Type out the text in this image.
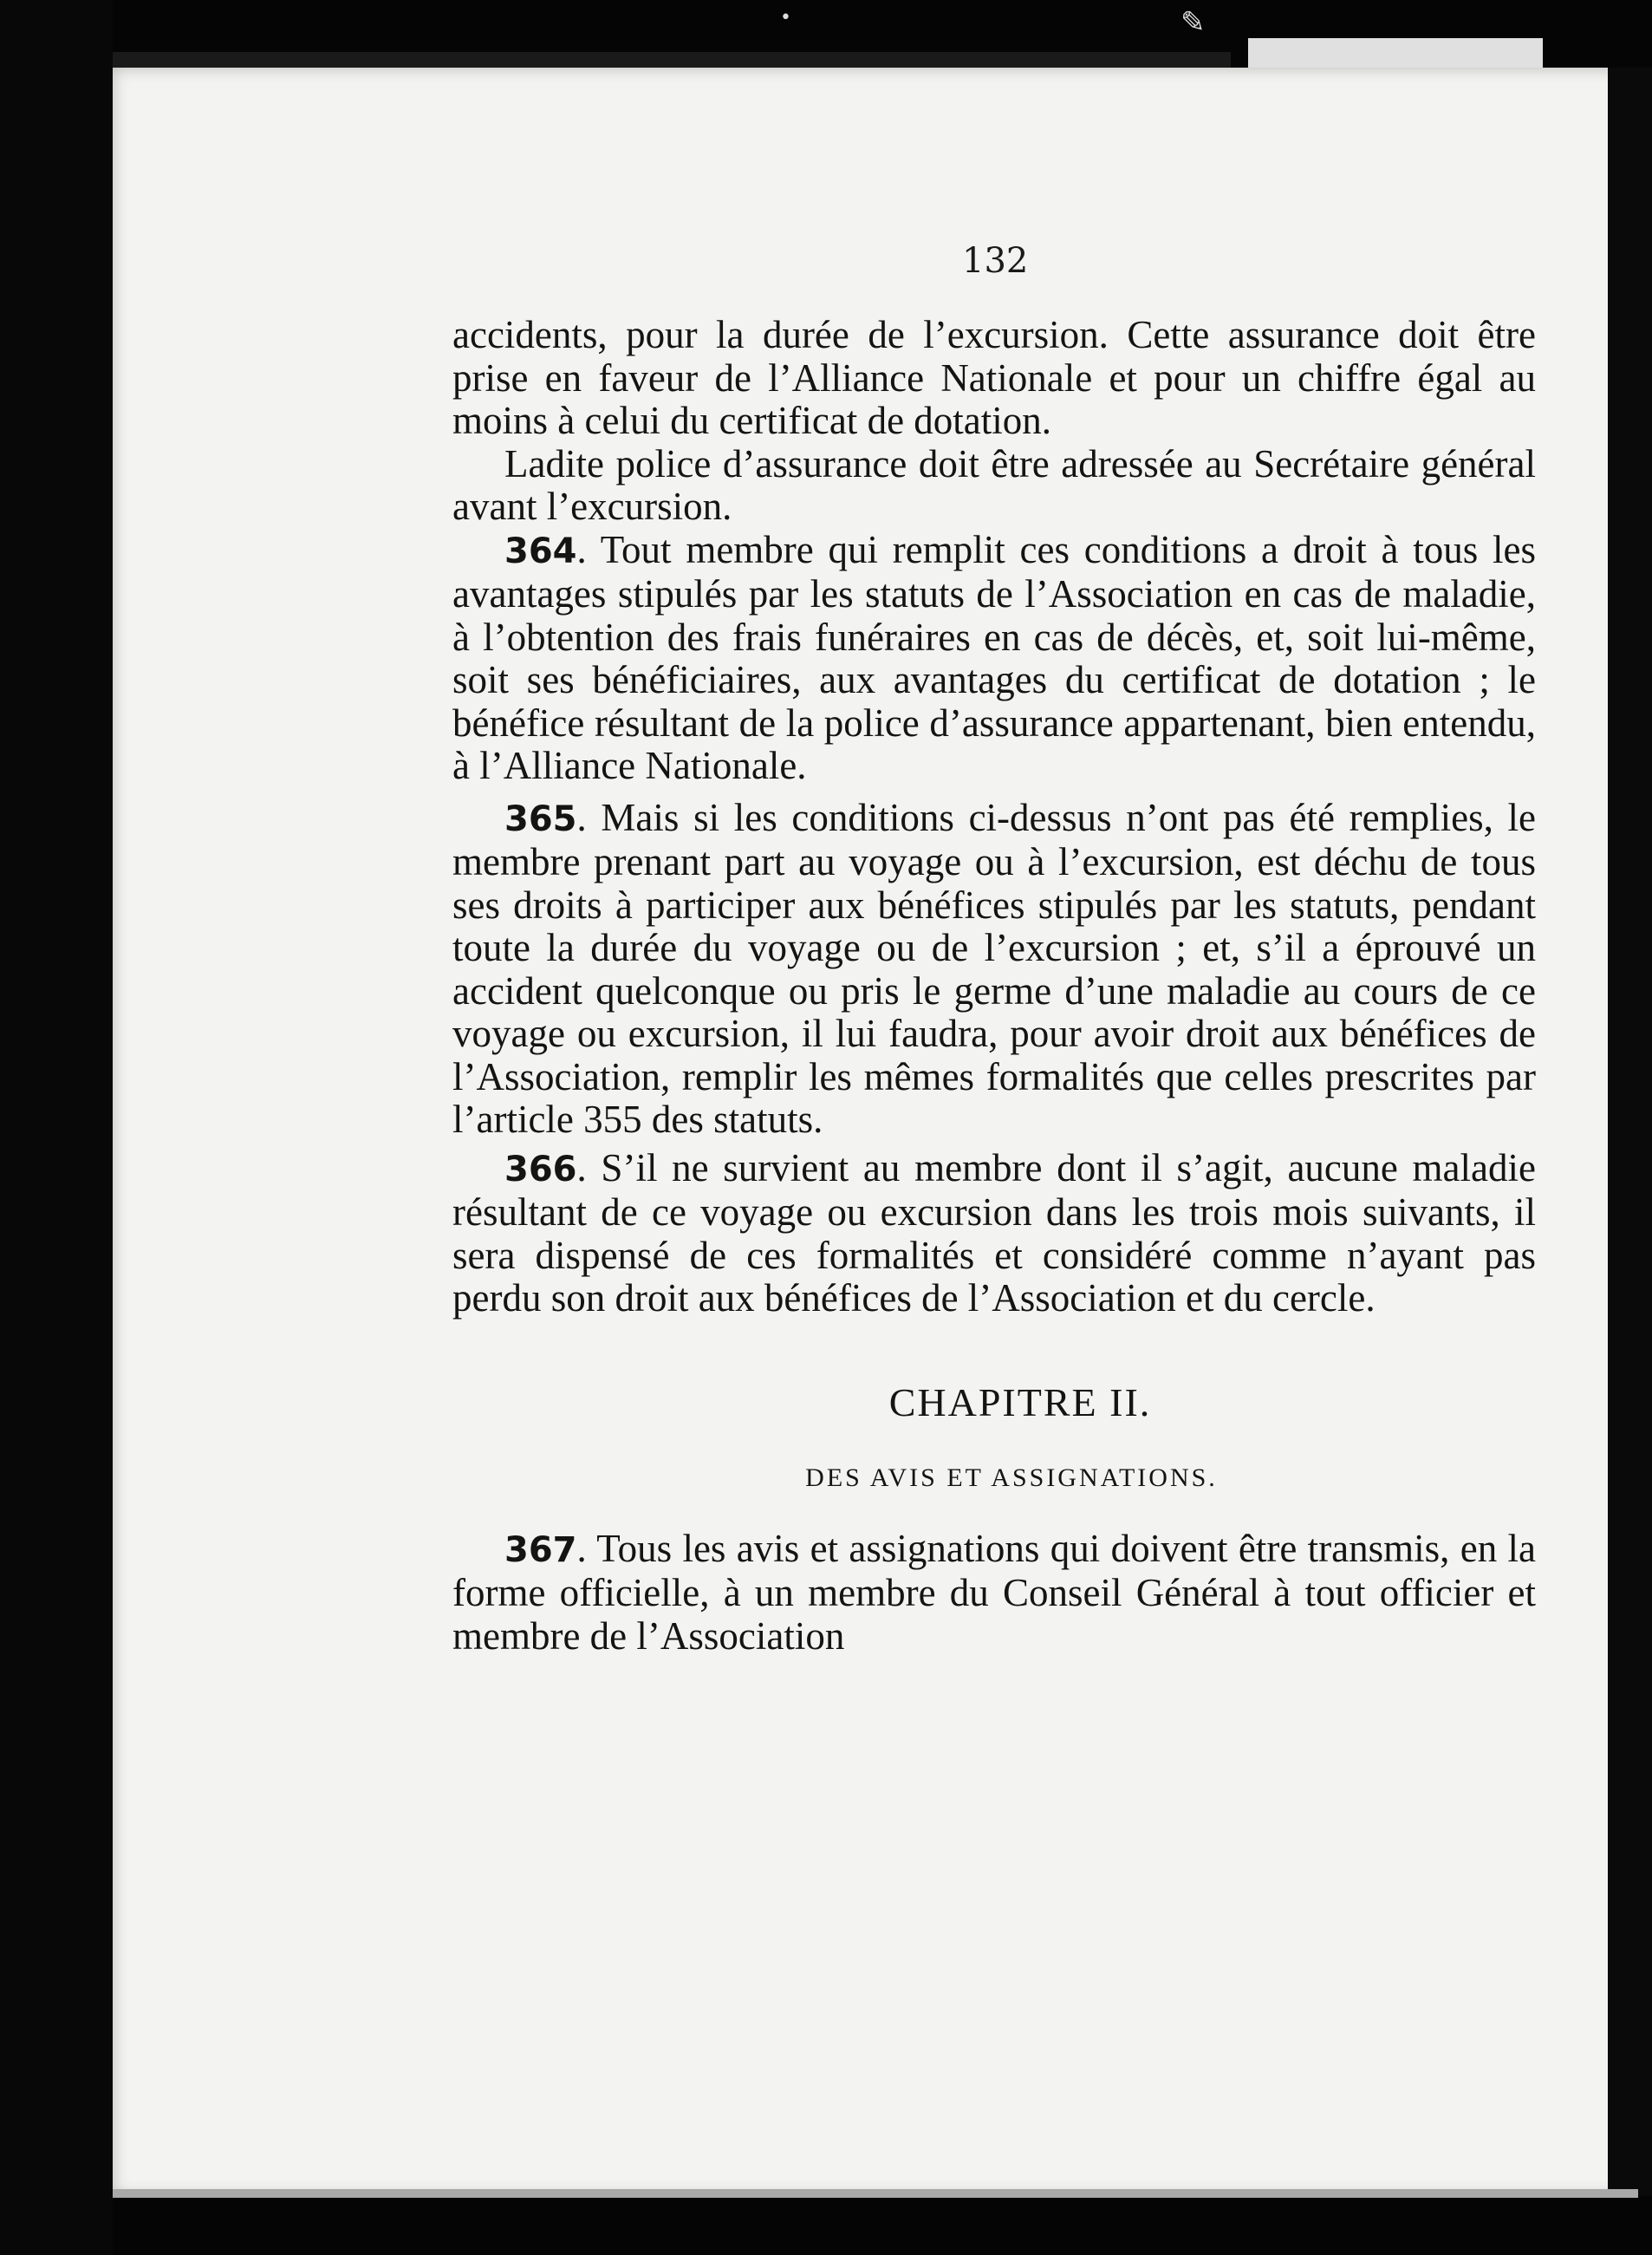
•	✎
132

accidents, pour la durée de l’excursion. Cette assurance doit être prise en faveur de l’Alliance Nationale et pour un chiffre égal au moins à celui du certificat de dotation.

Ladite police d’assurance doit être adressée au Secrétaire général avant l’excursion.

364. Tout membre qui remplit ces conditions a droit à tous les avantages stipulés par les statuts de l’Association en cas de maladie, à l’obtention des frais funéraires en cas de décès, et, soit lui-même, soit ses bénéficiaires, aux avantages du certificat de dotation ; le bénéfice résultant de la police d’assurance appartenant, bien entendu, à l’Alliance Nationale.

365. Mais si les conditions ci-dessus n’ont pas été remplies, le membre prenant part au voyage ou à l’excursion, est déchu de tous ses droits à participer aux bénéfices stipulés par les statuts, pendant toute la durée du voyage ou de l’excursion ; et, s’il a éprouvé un accident quelconque ou pris le germe d’une maladie au cours de ce voyage ou excursion, il lui faudra, pour avoir droit aux bénéfices de l’Association, remplir les mêmes formalités que celles prescrites par l’article 355 des statuts.

366. S’il ne survient au membre dont il s’agit, aucune maladie résultant de ce voyage ou excursion dans les trois mois suivants, il sera dispensé de ces formalités et considéré comme n’ayant pas perdu son droit aux bénéfices de l’Association et du cercle.

CHAPITRE II.

DES AVIS ET ASSIGNATIONS.

367. Tous les avis et assignations qui doivent être transmis, en la forme officielle, à un membre du Conseil Général à tout officier et membre de l’Association
